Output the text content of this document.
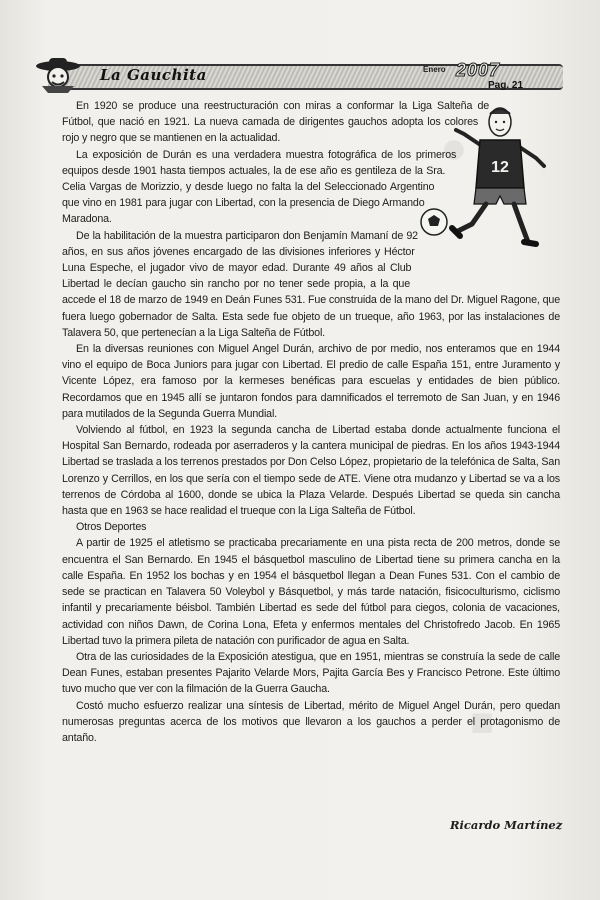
●
■
La Gauchita	Enero 2007
Pag. 21
12

En 1920 se produce una reestructuración con miras a conformar la Liga Salteña de Fútbol, que nació en 1921. La nueva camada de dirigentes gauchos adopta los colores rojo y negro que se mantienen en la actualidad.

La exposición de Durán es una verdadera muestra fotográfica de los primeros equipos desde 1901 hasta tiempos actuales, la de ese año es gentileza de la Sra. Celia Vargas de Morizzio, y desde luego no falta la del Seleccionado Argentino que vino en 1981 para jugar con Libertad, con la presencia de Diego Armando Maradona.

De la habilitación de la muestra participaron don Benjamín Mamaní de 92 años, en sus años jóvenes encargado de las divisiones inferiores y Héctor Luna Espeche, el jugador vivo de mayor edad. Durante 49 años al Club Libertad le decían gaucho sin rancho por no tener sede propia, a la que accede el 18 de marzo de 1949 en Deán Funes 531. Fue construida de la mano del Dr. Miguel Ragone, que fuera luego gobernador de Salta. Esta sede fue objeto de un trueque, año 1963, por las instalaciones de Talavera 50, que pertenecían a la Liga Salteña de Fútbol.

En la diversas reuniones con Miguel Angel Durán, archivo de por medio, nos enteramos que en 1944 vino el equipo de Boca Juniors para jugar con Libertad. El predio de calle España 151, entre Juramento y Vicente López, era famoso por la kermeses benéficas para escuelas y entidades de bien público. Recordamos que en 1945 allí se juntaron fondos para damnificados el terremoto de San Juan, y en 1946 para mutilados de la Segunda Guerra Mundial.

Volviendo al fútbol, en 1923 la segunda cancha de Libertad estaba donde actualmente funciona el Hospital San Bernardo, rodeada por aserraderos y la cantera municipal de piedras. En los años 1943-1944 Libertad se traslada a los terrenos prestados por Don Celso López, propietario de la telefónica de Salta, San Lorenzo y Cerrillos, en los que sería con el tiempo sede de ATE. Viene otra mudanzo y Libertad se va a los terrenos de Córdoba al 1600, donde se ubica la Plaza Velarde. Después Libertad se queda sin cancha hasta que en 1963 se hace realidad el trueque con la Liga Salteña de Fútbol.

Otros Deportes

A partir de 1925 el atletismo se practicaba precariamente en una pista recta de 200 metros, donde se encuentra el San Bernardo. En 1945 el básquetbol masculino de Libertad tiene su primera cancha en la calle España. En 1952 los bochas y en 1954 el básquetbol llegan a Dean Funes 531. Con el cambio de sede se practican en Talavera 50 Voleybol y Básquetbol, y más tarde natación, fisicoculturismo, ciclismo infantil y precariamente béisbol. También Libertad es sede del fútbol para ciegos, colonia de vacaciones, actividad con niños Dawn, de Corina Lona, Efeta y enfermos mentales del Christofredo Jacob. En 1965 Libertad tuvo la primera pileta de natación con purificador de agua en Salta.

Otra de las curiosidades de la Exposición atestigua, que en 1951, mientras se construía la sede de calle Dean Funes, estaban presentes Pajarito Velarde Mors, Pajita García Bes y Francisco Petrone. Este último tuvo mucho que ver con la filmación de la Guerra Gaucha.

Costó mucho esfuerzo realizar una síntesis de Libertad, mérito de Miguel Angel Durán, pero quedan numerosas preguntas acerca de los motivos que llevaron a los gauchos a perder el protagonismo de antaño.

Ricardo Martínez
